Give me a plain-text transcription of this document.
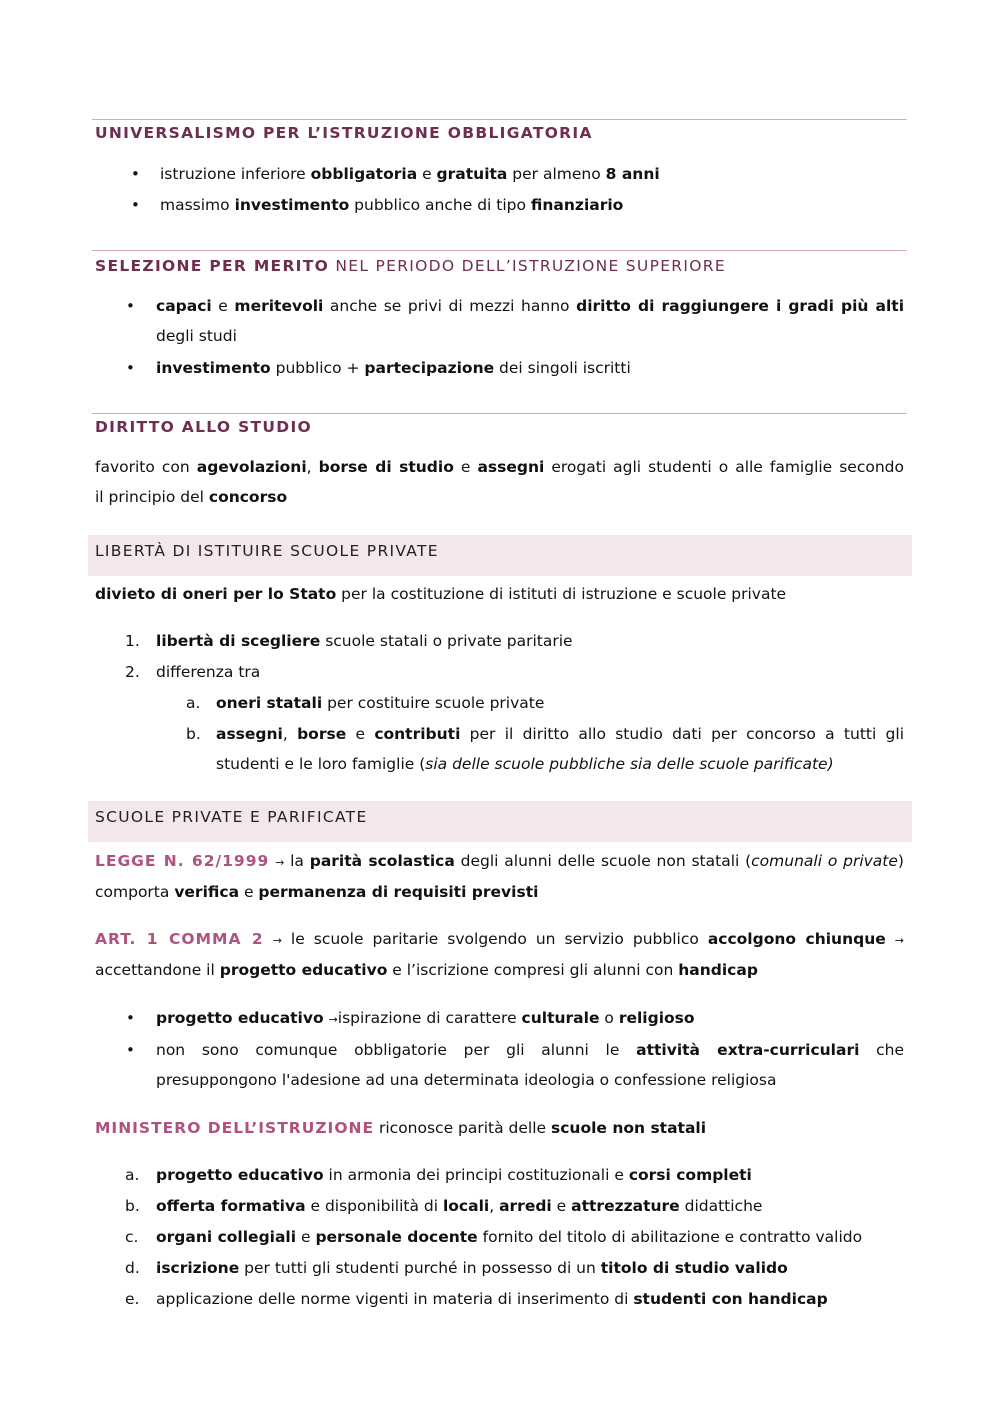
UNIVERSALISMO PER L’ISTRUZIONE OBBLIGATORIA
• istruzione inferiore obbligatoria e gratuita per almeno 8 anni
• massimo investimento pubblico anche di tipo finanziario
SELEZIONE PER MERITO NEL PERIODO DELL’ISTRUZIONE SUPERIORE
• capaci e meritevoli anche se privi di mezzi hanno diritto di raggiungere i gradi più alti
degli studi
• investimento pubblico + partecipazione dei singoli iscritti
DIRITTO ALLO STUDIO
favorito con agevolazioni, borse di studio e assegni erogati agli studenti o alle famiglie secondo
il principio del concorso
LIBERTÀ DI ISTITUIRE SCUOLE PRIVATE
divieto di oneri per lo Stato per la costituzione di istituti di istruzione e scuole private
1. libertà di scegliere scuole statali o private paritarie
2. differenza tra
a. oneri statali per costituire scuole private
b. assegni, borse e contributi per il diritto allo studio dati per concorso a tutti gli
studenti e le loro famiglie (sia delle scuole pubbliche sia delle scuole parificate)
SCUOLE PRIVATE E PARIFICATE
LEGGE N. 62/1999 → la parità scolastica degli alunni delle scuole non statali (comunali o private)
comporta verifica e permanenza di requisiti previsti
ART. 1 COMMA 2 → le scuole paritarie svolgendo un servizio pubblico accolgono chiunque →
accettandone il progetto educativo e l’iscrizione compresi gli alunni con handicap
• progetto educativo →ispirazione di carattere culturale o religioso
• non sono comunque obbligatorie per gli alunni le attività extra-curriculari che
presuppongono l'adesione ad una determinata ideologia o confessione religiosa
MINISTERO DELL’ISTRUZIONE riconosce parità delle scuole non statali
a. progetto educativo in armonia dei principi costituzionali e corsi completi
b. offerta formativa e disponibilità di locali, arredi e attrezzature didattiche
c. organi collegiali e personale docente fornito del titolo di abilitazione e contratto valido
d. iscrizione per tutti gli studenti purché in possesso di un titolo di studio valido
e. applicazione delle norme vigenti in materia di inserimento di studenti con handicap
